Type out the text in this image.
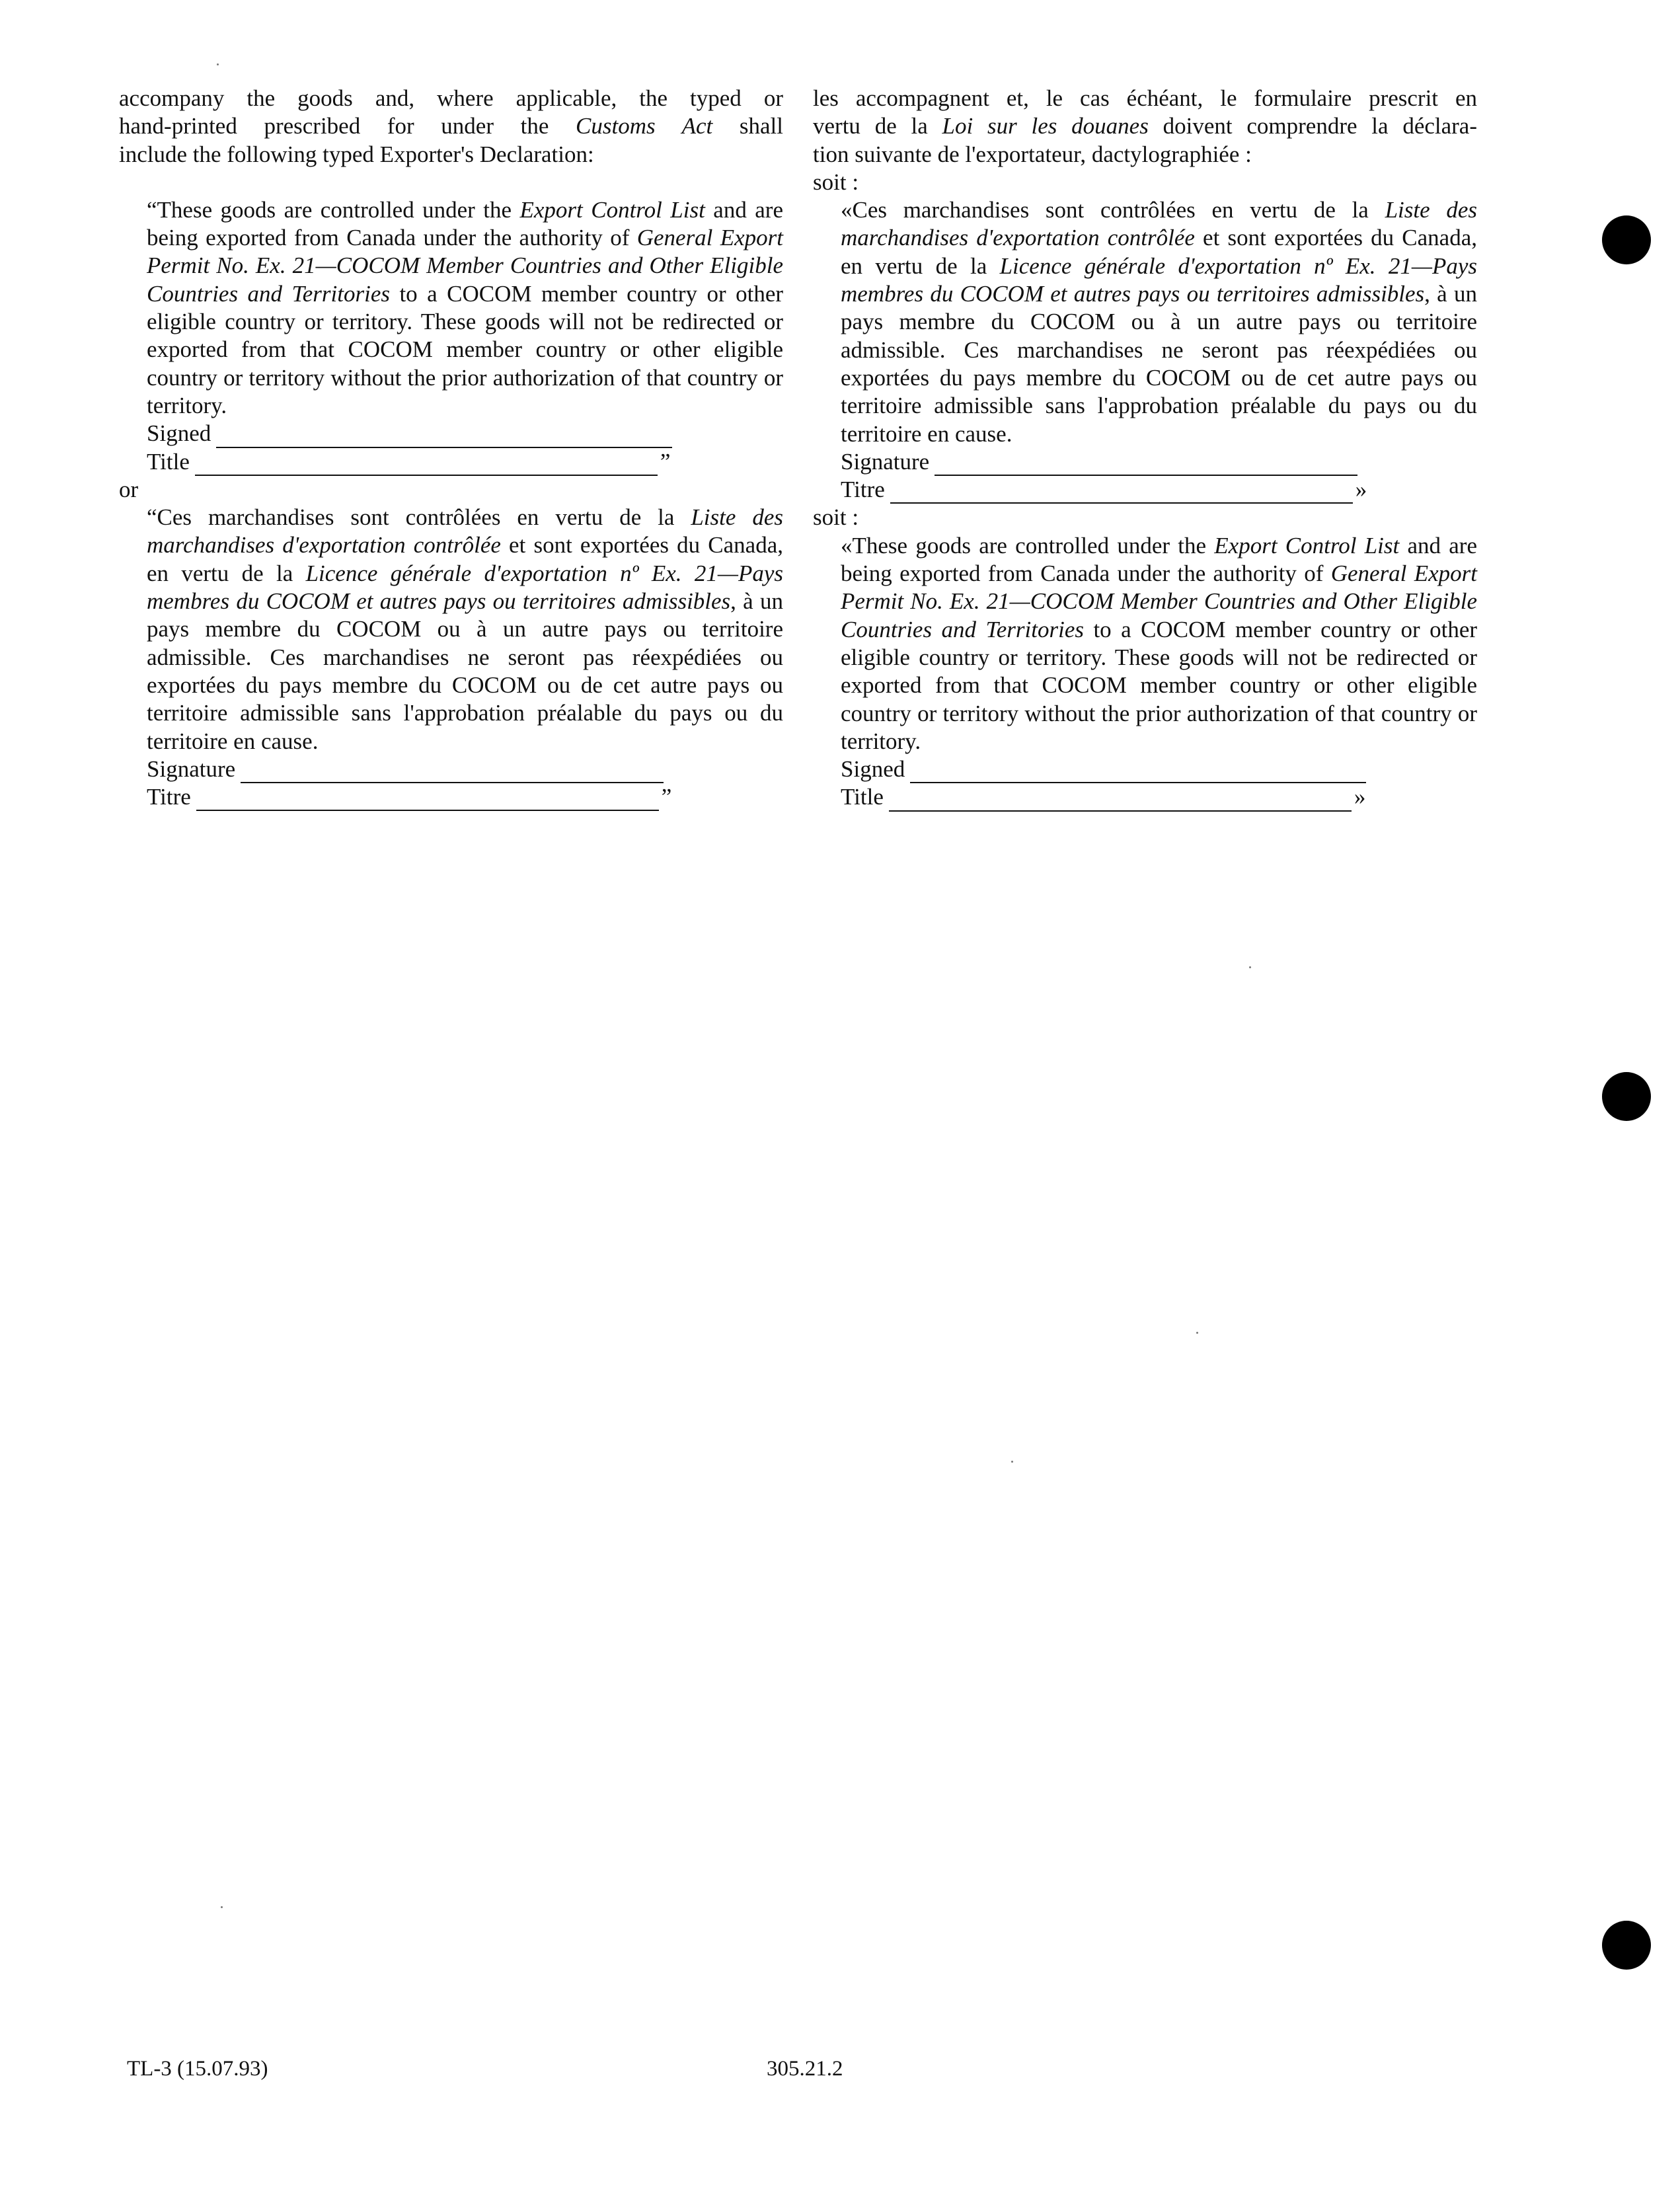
accompany the goods and, where applicable, the typed or
hand-printed prescribed for under the Customs Act shall
include the following typed Exporter's Declaration:

“These goods are controlled under the Export Control List and are being exported from Canada under the authority of General Export Permit No. Ex. 21—COCOM Member Countries and Other Eligible Countries and Territories to a COCOM member country or other eligible country or territory. These goods will not be redirected or exported from that COCOM member country or other eligible country or territory without the prior authorization of that country or territory.

Signed
Title	”
or

“Ces marchandises sont contrôlées en vertu de la Liste des marchandises d'exportation contrôlée et sont exportées du Canada, en vertu de la Licence générale d'exportation nº Ex. 21—Pays membres du COCOM et autres pays ou territoires admissibles, à un pays membre du COCOM ou à un autre pays ou territoire admissible. Ces marchandises ne seront pas réexpédiées ou exportées du pays membre du COCOM ou de cet autre pays ou territoire admissible sans l'approbation préalable du pays ou du territoire en cause.

Signature
Titre	”
les accompagnent et, le cas échéant, le formulaire prescrit en
vertu de la Loi sur les douanes doivent comprendre la déclara-
tion suivante de l'exportateur, dactylographiée :
soit :

«Ces marchandises sont contrôlées en vertu de la Liste des marchandises d'exportation contrôlée et sont exportées du Canada, en vertu de la Licence générale d'exportation nº Ex. 21—Pays membres du COCOM et autres pays ou territoires admissibles, à un pays membre du COCOM ou à un autre pays ou territoire admissible. Ces marchandises ne seront pas réexpédiées ou exportées du pays membre du COCOM ou de cet autre pays ou territoire admissible sans l'approbation préalable du pays ou du territoire en cause.

Signature
Titre	»
soit :

«These goods are controlled under the Export Control List and are being exported from Canada under the authority of General Export Permit No. Ex. 21—COCOM Member Countries and Other Eligible Countries and Territories to a COCOM member country or other eligible country or territory. These goods will not be redirected or exported from that COCOM member country or other eligible country or territory without the prior authorization of that country or territory.

Signed
Title	»
TL-3 (15.07.93)	305.21.2
